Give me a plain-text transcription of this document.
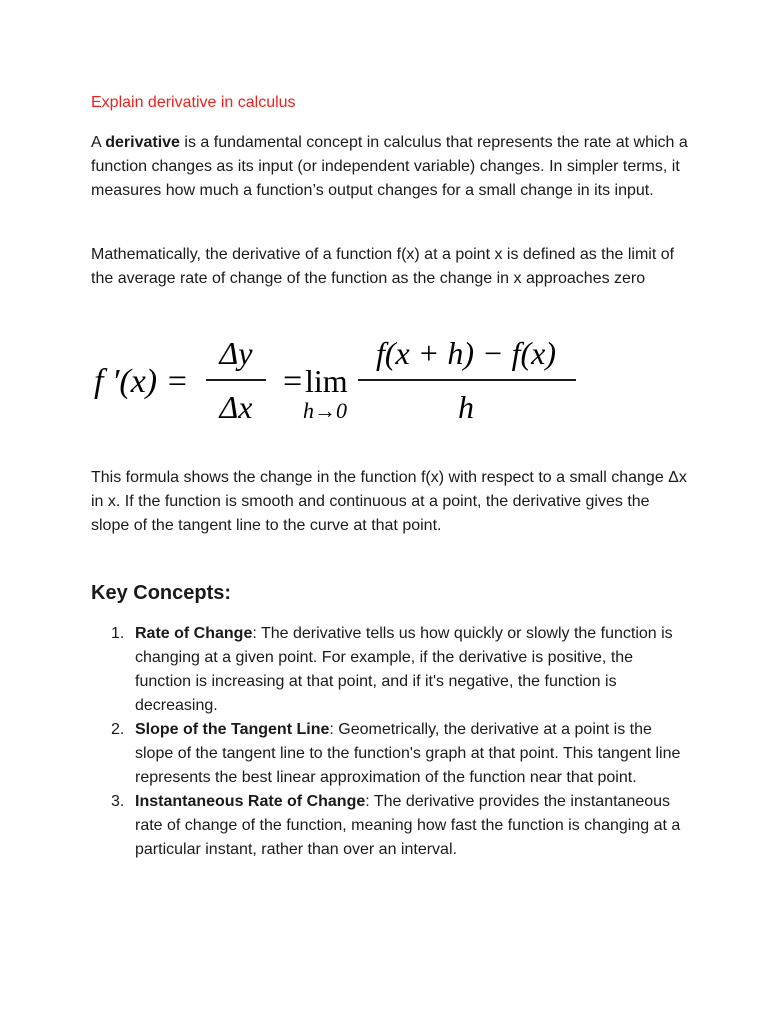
Explain derivative in calculus

A derivative is a fundamental concept in calculus that represents the rate at which a function changes as its input (or independent variable) changes. In simpler terms, it measures how much a function’s output changes for a small change in its input.

Mathematically, the derivative of a function f(x) at a point x is defined as the limit of the average rate of change of the function as the change in x approaches zero

f ′(x) =
Δy
Δx
= lim
h→0
f(x + h) − f(x)
h

This formula shows the change in the function f(x) with respect to a small change Δx in x. If the function is smooth and continuous at a point, the derivative gives the slope of the tangent line to the curve at that point.

Key Concepts:
1. Rate of Change: The derivative tells us how quickly or slowly the function is changing at a given point. For example, if the derivative is positive, the function is increasing at that point, and if it's negative, the function is decreasing.
2. Slope of the Tangent Line: Geometrically, the derivative at a point is the slope of the tangent line to the function's graph at that point. This tangent line represents the best linear approximation of the function near that point.
3. Instantaneous Rate of Change: The derivative provides the instantaneous rate of change of the function, meaning how fast the function is changing at a particular instant, rather than over an interval.
